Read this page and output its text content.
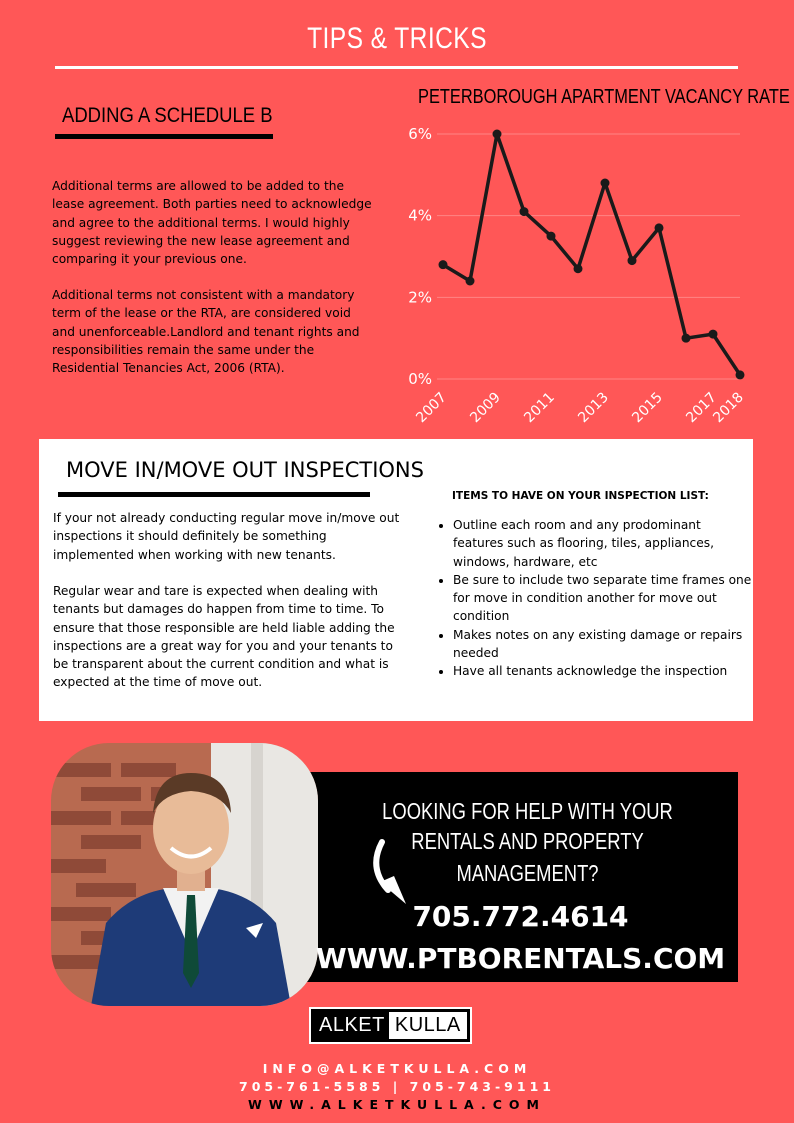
TIPS & TRICKS
ADDING A SCHEDULE B
Additional terms are allowed to be added to the lease agreement. Both parties need to acknowledge and agree to the additional terms. I would highly suggest reviewing the new lease agreement and comparing it your previous one.
Additional terms not consistent with a mandatory term of the lease or the RTA, are considered void and unenforceable.Landlord and tenant rights and responsibilities remain the same under the Residential Tenancies Act, 2006 (RTA).
PETERBOROUGH APARTMENT VACANCY RATE
0%
2%
4%
6%
2007 2009 2011 2013 2015 2017
2018
MOVE IN/MOVE OUT INSPECTIONS
If your not already conducting regular move in/move out inspections it should definitely be something implemented when working with new tenants.
Regular wear and tare is expected when dealing with tenants but damages do happen from time to time. To ensure that those responsible are held liable adding the inspections are a great way for you and your tenants to be transparent about the current condition and what is expected at the time of move out.
ITEMS TO HAVE ON YOUR INSPECTION LIST:
• Outline each room and any prodominant features such as flooring, tiles, appliances, windows, hardware, etc
• Be sure to include two separate time frames one for move in condition another for move out condition
• Makes notes on any existing damage or repairs needed
• Have all tenants acknowledge the inspection
LOOKING FOR HELP WITH YOUR
RENTALS AND PROPERTY
MANAGEMENT?
705.772.4614
WWW.PTBORENTALS.COM
ALKET KULLA
INFO@ALKETKULLA.COM
705-761-5585 | 705-743-9111
WWW.ALKETKULLA.COM
